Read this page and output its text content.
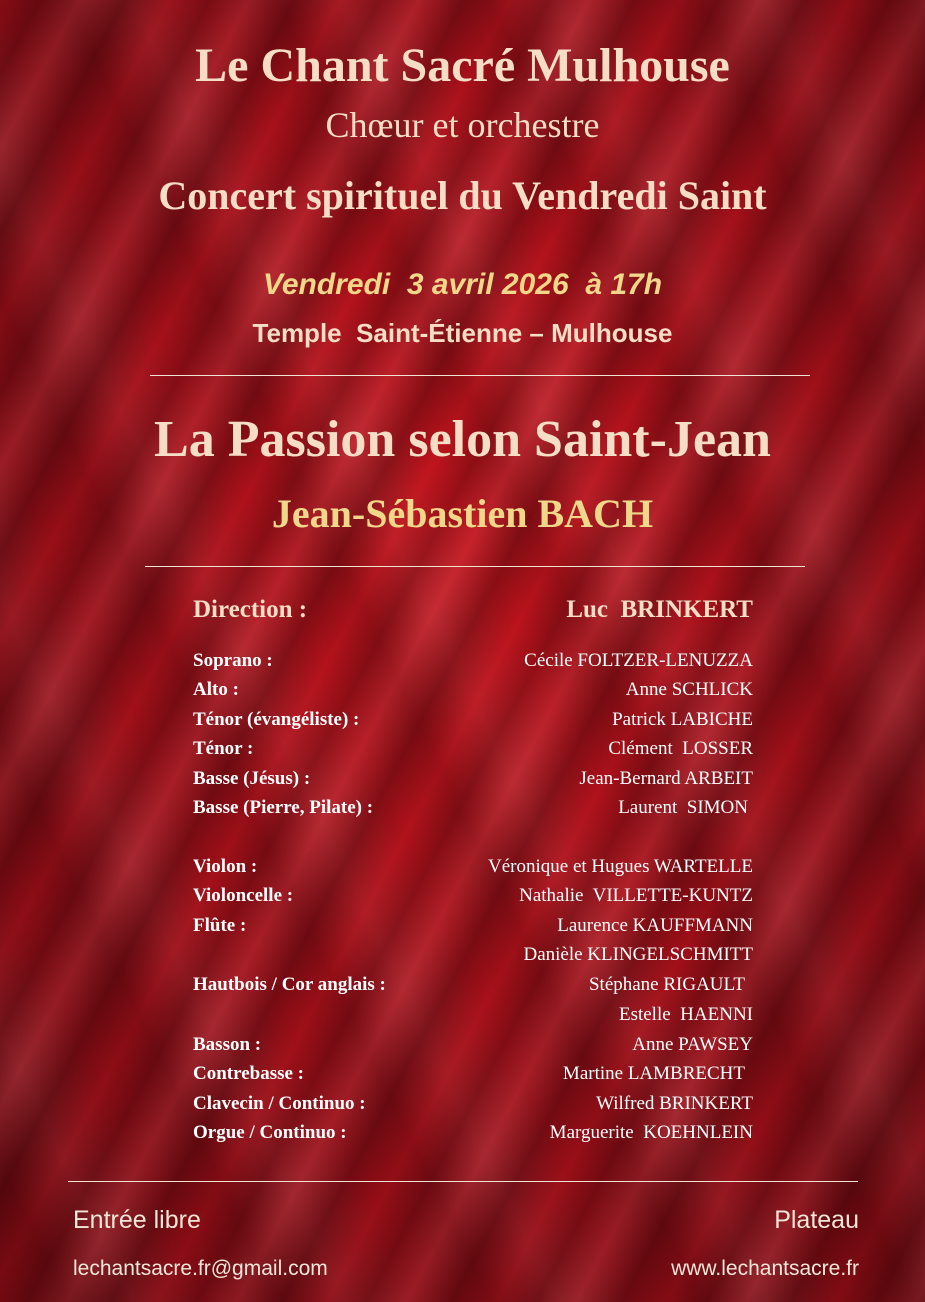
Le Chant Sacré Mulhouse
Chœur et orchestre
Concert spirituel du Vendredi Saint
Vendredi  3 avril 2026  à 17h
Temple  Saint-Étienne – Mulhouse
La Passion selon Saint-Jean
Jean-Sébastien BACH
Direction :	Luc  BRINKERT
Soprano :	Cécile FOLTZER-LENUZZA
Alto :	Anne SCHLICK
Ténor (évangéliste) :	Patrick LABICHE
Ténor :	Clément  LOSSER
Basse (Jésus) :	Jean-Bernard ARBEIT
Basse (Pierre, Pilate) :	Laurent  SIMON
Violon :	Véronique et Hugues WARTELLE
Violoncelle :	Nathalie  VILLETTE-KUNTZ
Flûte :	Laurence KAUFFMANN
Danièle KLINGELSCHMITT
Hautbois / Cor anglais :	Stéphane RIGAULT
Estelle  HAENNI
Basson :	Anne PAWSEY
Contrebasse :	Martine LAMBRECHT
Clavecin / Continuo :	Wilfred BRINKERT
Orgue / Continuo :	Marguerite  KOEHNLEIN
Entrée libre	Plateau
lechantsacre.fr@gmail.com	www.lechantsacre.fr
